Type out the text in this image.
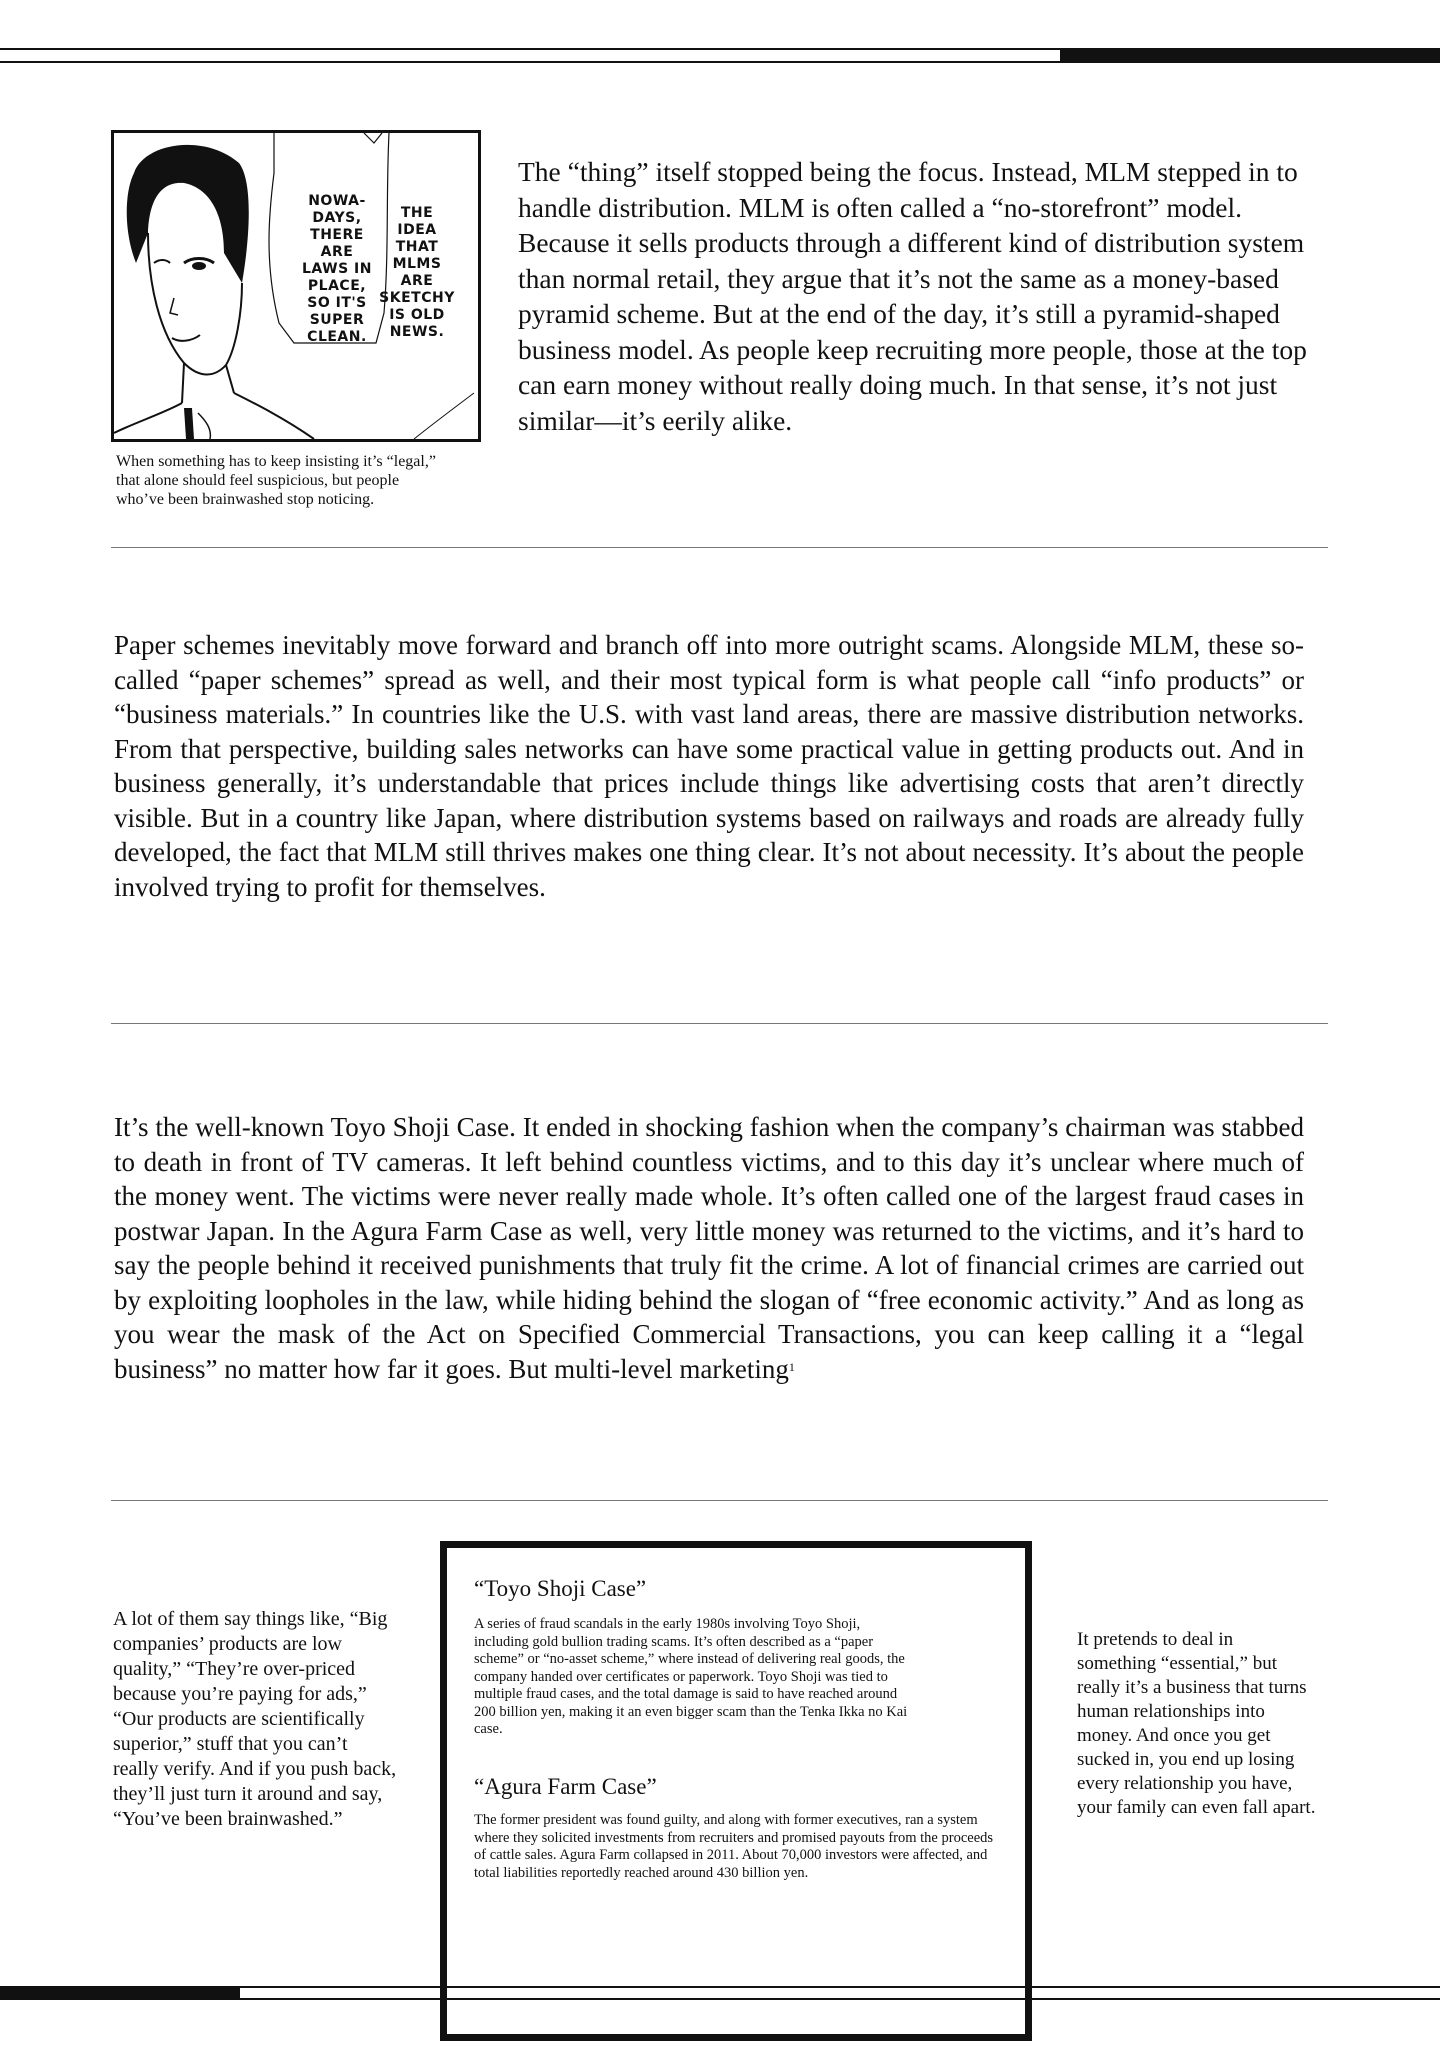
NOWA-
DAYS,
THERE
ARE
LAWS IN
PLACE,
SO IT'S
SUPER
CLEAN.
THE
IDEA
THAT
MLMS
ARE
SKETCHY
IS OLD
NEWS.
When something has to keep insisting it’s “legal,” that alone should feel suspicious, but people who’ve been brainwashed stop noticing.
The “thing” itself stopped being the focus. Instead, MLM stepped in to handle distribution. MLM is often called a “no-storefront” model. Because it sells products through a different kind of distribution system than normal retail, they argue that it’s not the same as a money-based pyramid scheme. But at the end of the day, it’s still a pyramid-shaped business model. As people keep recruiting more people, those at the top can earn money without really doing much. In that sense, it’s not just similar—it’s eerily alike.
Paper schemes inevitably move forward and branch off into more outright scams. Alongside MLM, these so-called “paper schemes” spread as well, and their most typical form is what people call “info products” or “business materials.” In countries like the U.S. with vast land areas, there are massive distribution networks. From that perspective, building sales networks can have some practical value in getting products out. And in business generally, it’s understandable that prices include things like advertising costs that aren’t directly visible. But in a country like Japan, where distribution systems based on railways and roads are already fully developed, the fact that MLM still thrives makes one thing clear. It’s not about necessity. It’s about the people involved trying to profit for themselves.
It’s the well-known Toyo Shoji Case. It ended in shocking fashion when the company’s chairman was stabbed to death in front of TV cameras. It left behind countless victims, and to this day it’s unclear where much of the money went. The victims were never really made whole. It’s often called one of the largest fraud cases in postwar Japan. In the Agura Farm Case as well, very little money was returned to the victims, and it’s hard to say the people behind it received punishments that truly fit the crime. A lot of financial crimes are carried out by exploiting loopholes in the law, while hiding behind the slogan of “free economic activity.” And as long as you wear the mask of the Act on Specified Commercial Transactions, you can keep calling it a “legal business” no matter how far it goes. But multi-level marketing$^1$
A lot of them say things like, “Big companies’ products are low quality,” “They’re over-priced because you’re paying for ads,” “Our products are scientifically superior,” stuff that you can’t really verify. And if you push back, they’ll just turn it around and say, “You’ve been brainwashed.”
“Toyo Shoji Case”
A series of fraud scandals in the early 1980s involving Toyo Shoji, including gold bullion trading scams. It’s often described as a “paper scheme” or “no-asset scheme,” where instead of delivering real goods, the company handed over certificates or paperwork. Toyo Shoji was tied to multiple fraud cases, and the total damage is said to have reached around 200 billion yen, making it an even bigger scam than the Tenka Ikka no Kai case.
“Agura Farm Case”
The former president was found guilty, and along with former executives, ran a system where they solicited investments from recruiters and promised payouts from the proceeds of cattle sales. Agura Farm collapsed in 2011. About 70,000 investors were affected, and total liabilities reportedly reached around 430 billion yen.
It pretends to deal in something “essential,” but really it’s a business that turns human relationships into money. And once you get sucked in, you end up losing every relationship you have, your family can even fall apart.
